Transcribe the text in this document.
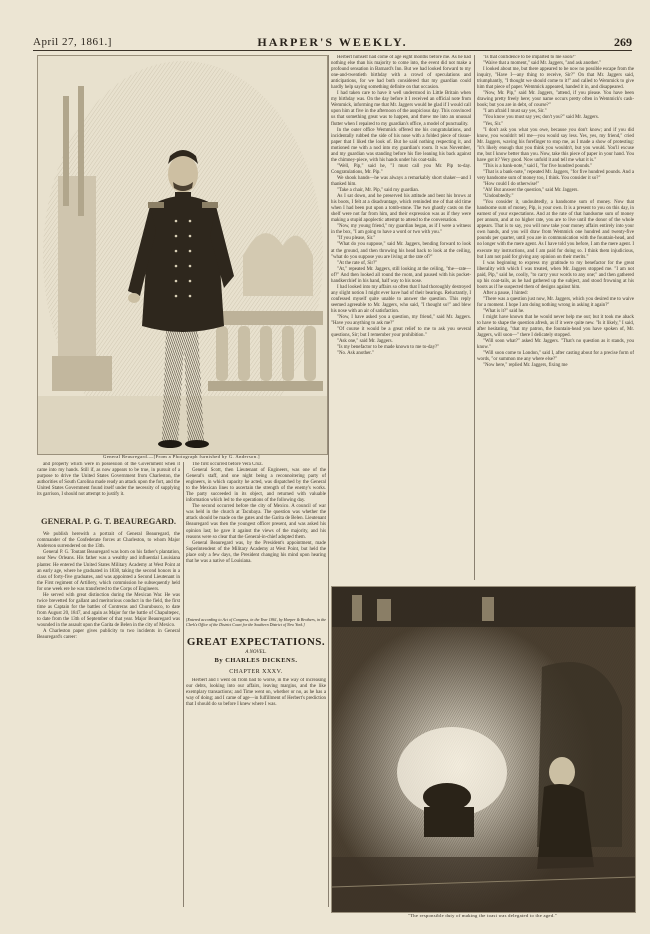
April 27, 1861.]	HARPER'S WEEKLY.	269
General Beauregard.—[From a Photograph furnished by G. Anderson.]

and property which were in possession of the Government when it came into my hands. Still if, as now appears to be true, in pursuit of a purpose to drive the United States Government from Charleston, the authorities of South Carolina made ready an attack upon the fort, and the United States Government found itself under the necessity of supplying its garrison, I should not attempt to justify it.

GENERAL P. G. T. BEAUREGARD.

We publish herewith a portrait of General Beauregard, the commander of the Confederate forces at Charleston, to whom Major Anderson surrendered on the 13th.

General P. G. Toutant Beauregard was born on his father's plantation, near New Orleans. His father was a wealthy and influential Louisiana planter. He entered the United States Military Academy at West Point at an early age, where he graduated in 1838, taking the second honors in a class of forty-five graduates, and was appointed a Second Lieutenant in the First regiment of Artillery, which commission he subsequently held for one week ere he was transferred to the Corps of Engineers.

He served with great distinction during the Mexican War. He was twice brevetted for gallant and meritorious conduct in the field, the first time as Captain for the battles of Contreras and Churubusco, to date from August 20, 1847, and again as Major for the battle of Chapultepec, to date from the 13th of September of that year. Major Beauregard was wounded in the assault upon the Garita de Belen in the city of Mexico.

A Charleston paper gives publicity to two incidents in General Beauregard's career:

The first occurred before Vera Cruz.

General Scott, then Lieutenant of Engineers, was one of the General's staff, and one night being a reconnoitering party of engineers, in which capacity he acted, was dispatched by the General to the Mexican lines to ascertain the strength of the enemy's works. The party succeeded in its object, and returned with valuable information which led to the operations of the following day.

The second occurred before the city of Mexico. A council of war was held in the church at Tacubaya. The question was whether the attack should be made on the gates and the Garita de Belen. Lieutenant Beauregard was then the youngest officer present, and was asked his opinion last; he gave it against the views of the majority, and his reasons were so clear that the General-in-chief adopted them.

General Beauregard was, by the President's appointment, made Superintendent of the Military Academy at West Point, but held the place only a few days, the President changing his mind upon hearing that he was a native of Louisiana.

[Entered according to Act of Congress, in the Year 1861, by Harper & Brothers, in the Clerk's Office of the District Court for the Southern District of New York.]
GREAT EXPECTATIONS.
A NOVEL.
By CHARLES DICKENS.
CHAPTER XXXV.

Herbert and I went on from bad to worse, in the way of increasing our debts, looking into our affairs, leaving margins, and the like exemplary transactions; and Time went on, whether or no, as he has a way of doing; and I came of age—in fulfillment of Herbert's prediction that I should do so before I knew where I was.

Herbert himself had come of age eight months before me. As he had nothing else than his majority to come into, the event did not make a profound sensation in Barnard's Inn. But we had looked forward to my one-and-twentieth birthday with a crowd of speculations and anticipations, for we had both considered that my guardian could hardly help saying something definite on that occasion.

I had taken care to have it well understood in Little Britain when my birthday was. On the day before it I received an official note from Wemmick, informing me that Mr. Jaggers would be glad if I would call upon him at five in the afternoon of the auspicious day. This convinced us that something great was to happen, and threw me into an unusual flutter when I repaired to my guardian's office, a model of punctuality.

In the outer office Wemmick offered me his congratulations, and incidentally rubbed the side of his nose with a folded piece of tissue-paper that I liked the look of. But he said nothing respecting it, and motioned me with a nod into my guardian's room. It was November, and my guardian was standing before his fire leaning his back against the chimney-piece, with his hands under his coat-tails.

"Well, Pip," said he, "I must call you Mr. Pip to-day. Congratulations, Mr. Pip."

We shook hands—he was always a remarkably short shaker—and I thanked him.

"Take a chair, Mr. Pip," said my guardian.

As I sat down, and he preserved his attitude and bent his brows at his boots, I felt at a disadvantage, which reminded me of that old time when I had been put upon a tomb-stone. The two ghastly casts on the shelf were not far from him, and their expression was as if they were making a stupid apoplectic attempt to attend to the conversation.

"Now, my young friend," my guardian began, as if I were a witness in the box, "I am going to have a word or two with you."

"If you please, Sir."

"What do you suppose," said Mr. Jaggers, bending forward to look at the ground, and then throwing his head back to look at the ceiling, "what do you suppose you are living at the rate of?"

"At the rate of, Sir?"

"At," repeated Mr. Jaggers, still looking at the ceiling, "the—rate—of?" And then looked all round the room, and paused with his pocket-handkerchief in his hand, half way to his nose.

I had looked into my affairs so often that I had thoroughly destroyed any slight notion I might ever have had of their bearings. Reluctantly, I confessed myself quite unable to answer the question. This reply seemed agreeable to Mr. Jaggers, who said, "I thought so!" and blew his nose with an air of satisfaction.

"Now, I have asked you a question, my friend," said Mr. Jaggers. "Have you anything to ask me?"

"Of course it would be a great relief to me to ask you several questions, Sir; but I remember your prohibition."

"Ask one," said Mr. Jaggers.

"Is my benefactor to be made known to me to-day?"

"No. Ask another."

"Is that confidence to be imparted to me soon?"

"Waive that a moment," said Mr. Jaggers, "and ask another."

I looked about me, but there appeared to be now no possible escape from the inquiry, "Have I—any thing to receive, Sir?" On that Mr. Jaggers said, triumphantly, "I thought we should come to it!" and called to Wemmick to give him that piece of paper. Wemmick appeared, handed it in, and disappeared.

"Now, Mr. Pip," said Mr. Jaggers, "attend, if you please. You have been drawing pretty freely here; your name occurs pretty often in Wemmick's cash-book; but you are in debt, of course?"

"I am afraid I must say yes, Sir."

"You know you must say yes; don't you?" said Mr. Jaggers.

"Yes, Sir."

"I don't ask you what you owe, because you don't know; and if you did know, you wouldn't tell me—you would say less. Yes, yes, my friend," cried Mr. Jaggers, waving his forefinger to stop me, as I made a show of protesting: "it's likely enough that you think you wouldn't, but you would. You'll excuse me, but I know better than you. Now, take this piece of paper in your hand. You have got it? Very good. Now unfold it and tell me what it is."

"This is a bank-note," said I, "for five hundred pounds."

"That is a bank-note," repeated Mr. Jaggers, "for five hundred pounds. And a very handsome sum of money too, I think. You consider it so?"

"How could I do otherwise!"

"Ah! But answer the question," said Mr. Jaggers.

"Undoubtedly."

"You consider it, undoubtedly, a handsome sum of money. Now that handsome sum of money, Pip, is your own. It is a present to you on this day, in earnest of your expectations. And at the rate of that handsome sum of money per annum, and at no higher rate, you are to live until the donor of the whole appears. That is to say, you will now take your money affairs entirely into your own hands, and you will draw from Wemmick one hundred and twenty-five pounds per quarter, until you are in communication with the fountain-head, and no longer with the mere agent. As I have told you before, I am the mere agent. I execute my instructions, and I am paid for doing so. I think them injudicious, but I am not paid for giving any opinion on their merits."

I was beginning to express my gratitude to my benefactor for the great liberality with which I was treated, when Mr. Jaggers stopped me. "I am not paid, Pip," said he, coolly, "to carry your words to any one;" and then gathered up his coat-tails, as he had gathered up the subject, and stood frowning at his boots as if he suspected them of designs against him.

After a pause, I hinted:

"There was a question just now, Mr. Jaggers, which you desired me to waive for a moment. I hope I am doing nothing wrong in asking it again?"

"What is it?" said he.

I might have known that he would never help me out; but it took me aback to have to shape the question afresh, as if it were quite new. "Is it likely," I said, after hesitating, "that my patron, the fountain-head you have spoken of, Mr. Jaggers, will soon—" there I delicately stopped.

"Will soon what?" asked Mr. Jaggers. "That's no question as it stands, you know."

"Will soon come to London," said I, after casting about for a precise form of words, "or summon me any where else?"

"Now here," replied Mr. Jaggers, fixing me

"The responsible duty of making the toast was delegated to the aged."
